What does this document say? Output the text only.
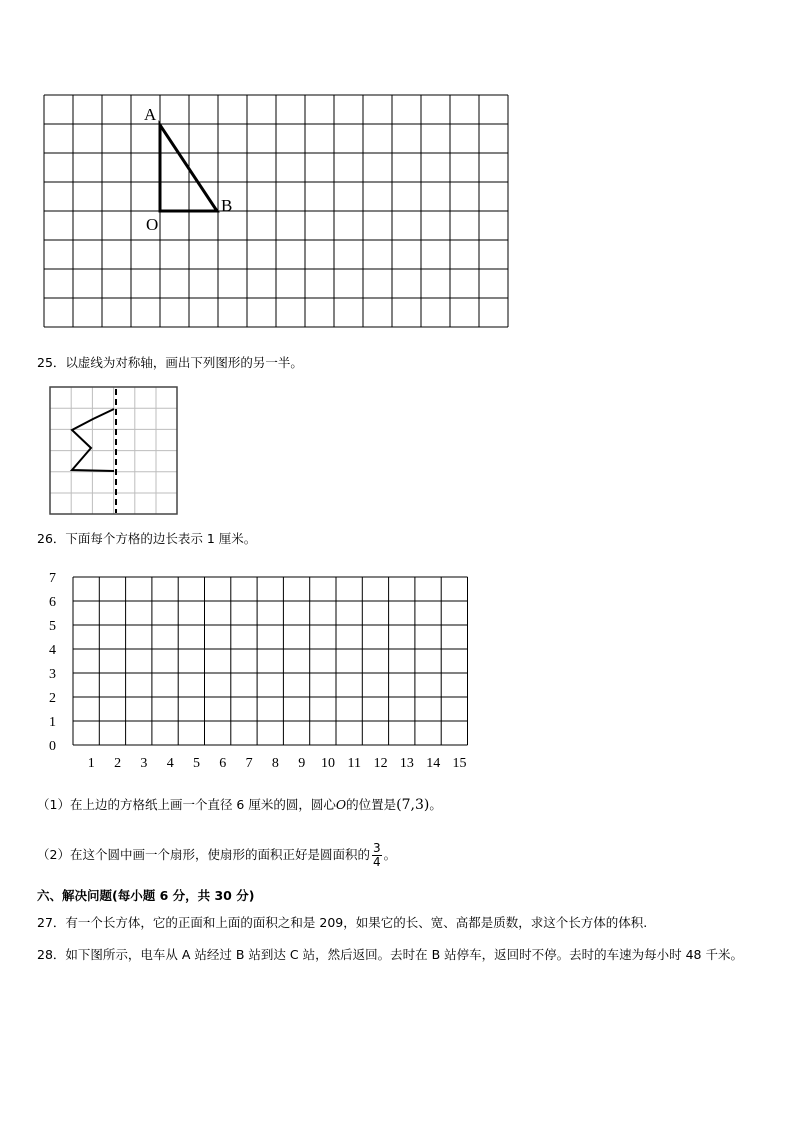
A
B
O
25．以虚线为对称轴，画出下列图形的另一半。
26．下面每个方格的边长表示 1 厘米。
7
6
5
4
3
2
1
0
1 2 3 4 5 6 7 8 9 10 11 12 13 14 15
（1）在上边的方格纸上画一个直径 6 厘米的圆，圆心O的位置是(7,3)。
（2）在这个圆中画一个扇形，使扇形的面积正好是圆面积的 $\frac{3}{4}$ 。
六、解决问题(每小题 6 分，共 30 分)
27．有一个长方体，它的正面和上面的面积之和是 209，如果它的长、宽、高都是质数，求这个长方体的体积.
28．如下图所示，电车从 A 站经过 B 站到达 C 站，然后返回。去时在 B 站停车，返回时不停。去时的车速为每小时 48 千米。
